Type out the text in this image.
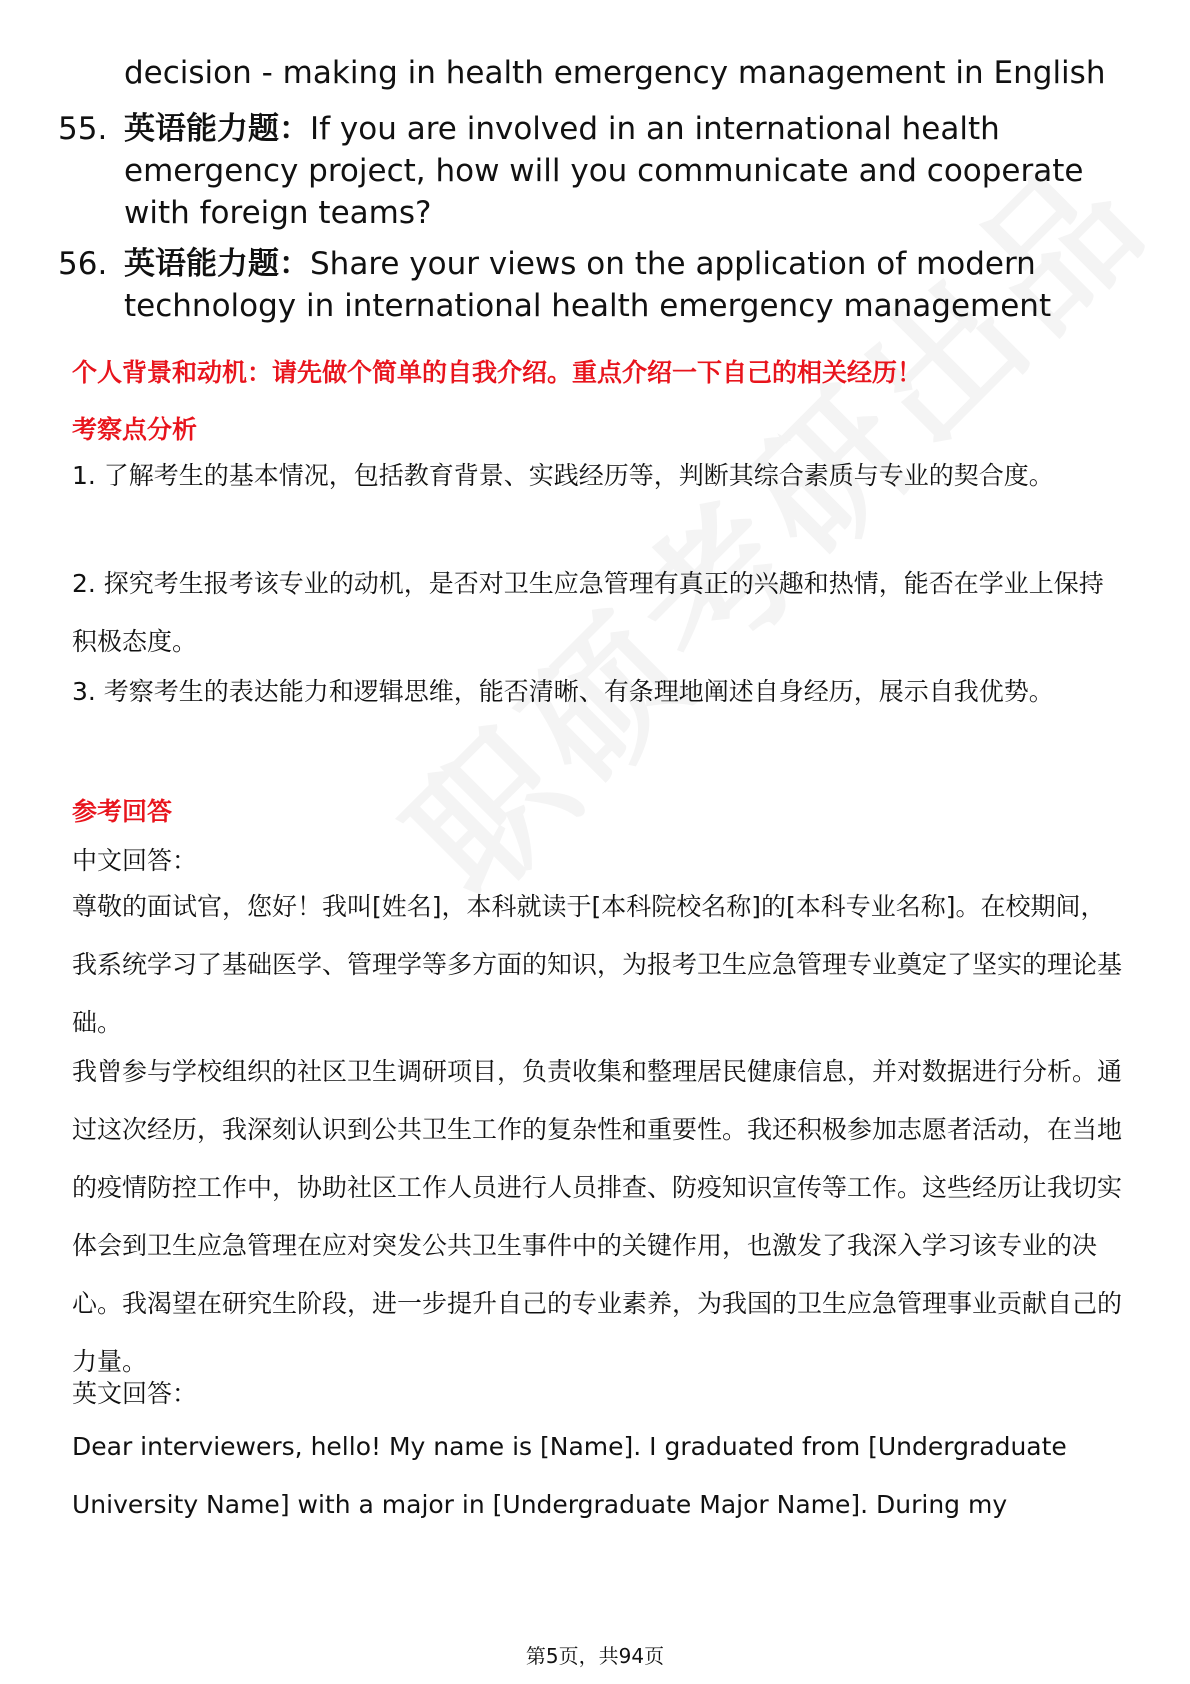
decision - making in health emergency management in English
55. 英语能力题：If you are involved in an international health emergency project, how will you communicate and cooperate with foreign teams?
56. 英语能力题：Share your views on the application of modern technology in international health emergency management
个人背景和动机：请先做个简单的自我介绍。重点介绍一下自己的相关经历！
考察点分析
1. 了解考生的基本情况，包括教育背景、实践经历等，判断其综合素质与专业的契合度。
2. 探究考生报考该专业的动机，是否对卫生应急管理有真正的兴趣和热情，能否在学业上保持积极态度。
3. 考察考生的表达能力和逻辑思维，能否清晰、有条理地阐述自身经历，展示自我优势。
参考回答
中文回答：
尊敬的面试官，您好！我叫[姓名]，本科就读于[本科院校名称]的[本科专业名称]。在校期间，我系统学习了基础医学、管理学等多方面的知识，为报考卫生应急管理专业奠定了坚实的理论基础。
我曾参与学校组织的社区卫生调研项目，负责收集和整理居民健康信息，并对数据进行分析。通过这次经历，我深刻认识到公共卫生工作的复杂性和重要性。我还积极参加志愿者活动，在当地的疫情防控工作中，协助社区工作人员进行人员排查、防疫知识宣传等工作。这些经历让我切实体会到卫生应急管理在应对突发公共卫生事件中的关键作用，也激发了我深入学习该专业的决心。我渴望在研究生阶段，进一步提升自己的专业素养，为我国的卫生应急管理事业贡献自己的力量。
英文回答：
Dear interviewers, hello! My name is [Name]. I graduated from [Undergraduate University Name] with a major in [Undergraduate Major Name]. During my
第5页，共94页
